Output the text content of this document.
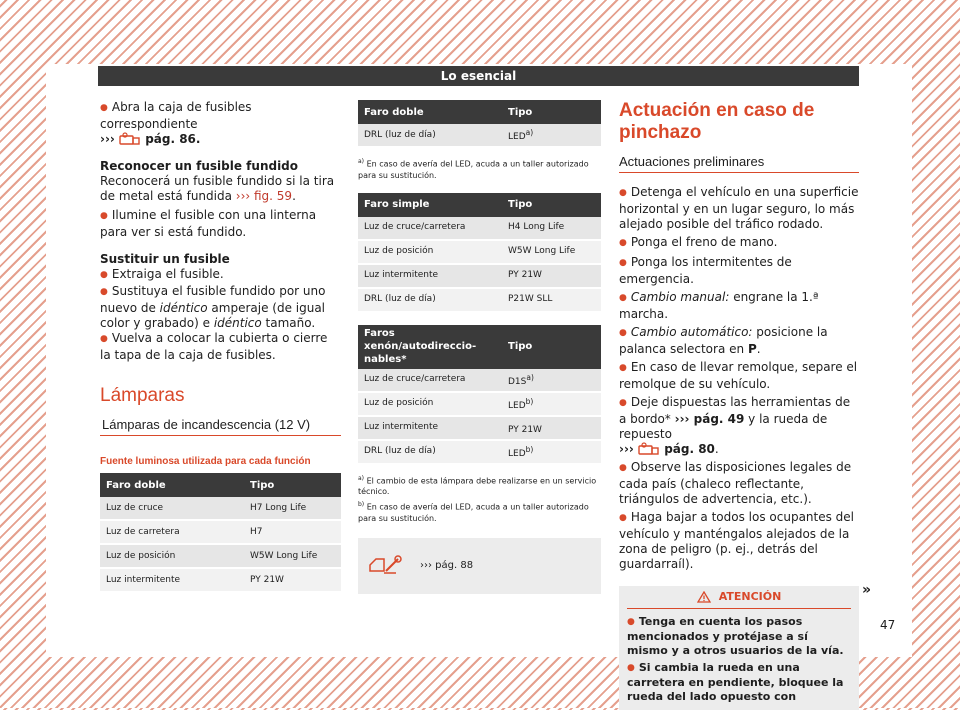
Lo esencial

● Abra la caja de fusibles correspondiente

›››  pág. 86.

Reconocer un fusible fundido

Reconocerá un fusible fundido si la tira de metal está fundida ››› fig. 59.

● Ilumine el fusible con una linterna para ver si está fundido.

Sustituir un fusible

● Extraiga el fusible.

● Sustituya el fusible fundido por uno nuevo de idéntico amperaje (de igual color y grabado) e idéntico tamaño.

● Vuelva a colocar la cubierta o cierre la tapa de la caja de fusibles.

Lámparas

Lámparas de incandescencia (12 V)

Fuente luminosa utilizada para cada función

Faro doble	Tipo
Luz de cruce	H7 Long Life
Luz de carretera	H7
Luz de posición	W5W Long Life
Luz intermitente	PY 21W
Faro doble	Tipo
DRL (luz de día)	LED$^{a)}$

$^{a)}$ En caso de avería del LED, acuda a un taller autorizado para su sustitución.

Faro simple	Tipo
Luz de cruce/carretera	H4 Long Life
Luz de posición	W5W Long Life
Luz intermitente	PY 21W
DRL (luz de día)	P21W SLL
Faros xenón/autodireccio-nables*	Tipo
Luz de cruce/carretera	$D1S^{a)}$
Luz de posición	LED$^{b)}$
Luz intermitente	PY 21W
DRL (luz de día)	LED$^{b)}$

$^{a)}$ El cambio de esta lámpara debe realizarse en un servicio técnico.

$^{b)}$ En caso de avería del LED, acuda a un taller autorizado para su sustitución.

››› pág. 88

Actuación en caso de pinchazo

Actuaciones preliminares

● Detenga el vehículo en una superficie horizontal y en un lugar seguro, lo más alejado posible del tráfico rodado.

● Ponga el freno de mano.

● Ponga los intermitentes de emergencia.

● Cambio manual: engrane la 1.ª marcha.

● Cambio automático: posicione la palanca selectora en P.

● En caso de llevar remolque, separe el remolque de su vehículo.

● Deje dispuestas las herramientas de a bordo* ››› pág. 49 y la rueda de repuesto
›››  pág. 80.

● Observe las disposiciones legales de cada país (chaleco reflectante, triángulos de advertencia, etc.).

● Haga bajar a todos los ocupantes del vehículo y manténgalos alejados de la zona de peligro (p. ej., detrás del guardarraíl).

ATENCIÓN

● Tenga en cuenta los pasos mencionados y protéjase a sí mismo y a otros usuarios de la vía.

● Si cambia la rueda en una carretera en pendiente, bloquee la rueda del lado opuesto con

»
47
